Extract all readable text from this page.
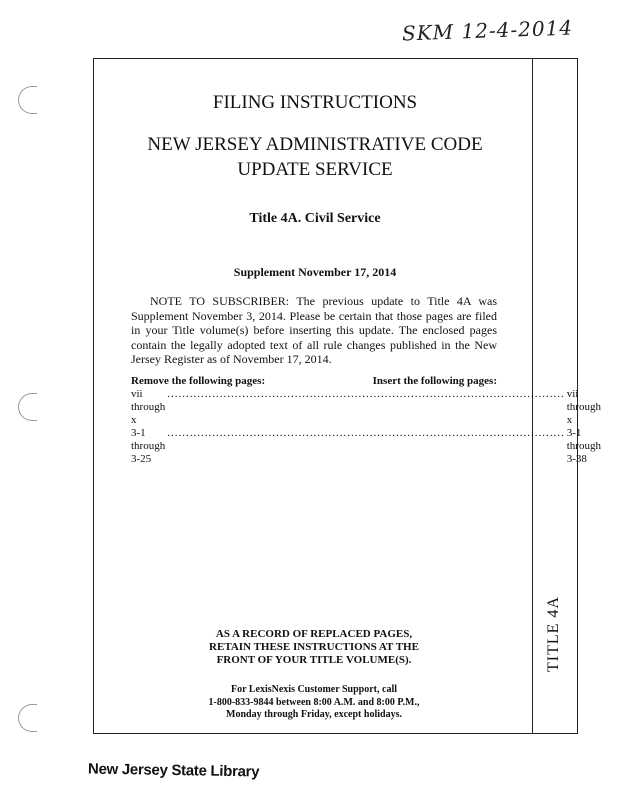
SKM 12-4-2014
FILING INSTRUCTIONS
NEW JERSEY ADMINISTRATIVE CODE
UPDATE SERVICE
Title 4A. Civil Service
Supplement November 17, 2014
NOTE TO SUBSCRIBER: The previous update to Title 4A was Supplement November 3, 2014. Please be certain that those pages are filed in your Title volume(s) before inserting this update. The enclosed pages contain the legally adopted text of all rule changes published in the New Jersey Register as of November 17, 2014.
Remove the following pages:	Insert the following pages:
vii through x
.......................................................................................................... vii through x
3-1 through 3-25
.......................................................................................................... 3-1 through 3-38
AS A RECORD OF REPLACED PAGES,
RETAIN THESE INSTRUCTIONS AT THE
FRONT OF YOUR TITLE VOLUME(S).
For LexisNexis Customer Support, call
1-800-833-9844 between 8:00 A.M. and 8:00 P.M.,
Monday through Friday, except holidays.
TITLE 4A
New Jersey State Library
